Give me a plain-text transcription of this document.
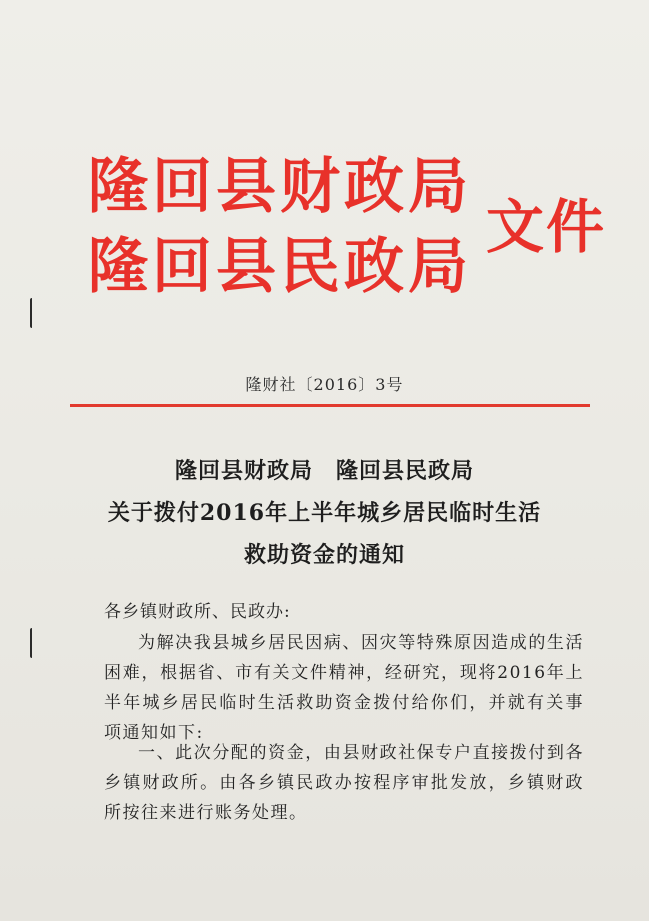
隆回县财政局
隆回县民政局
文件
隆财社〔2016〕3号
隆回县财政局　隆回县民政局
关于拨付2016年上半年城乡居民临时生活
救助资金的通知
各乡镇财政所、民政办:
为解决我县城乡居民因病、因灾等特殊原因造成的生活困难，根据省、市有关文件精神，经研究，现将2016年上半年城乡居民临时生活救助资金拨付给你们，并就有关事项通知如下:
一、此次分配的资金，由县财政社保专户直接拨付到各乡镇财政所。由各乡镇民政办按程序审批发放，乡镇财政所按往来进行账务处理。
